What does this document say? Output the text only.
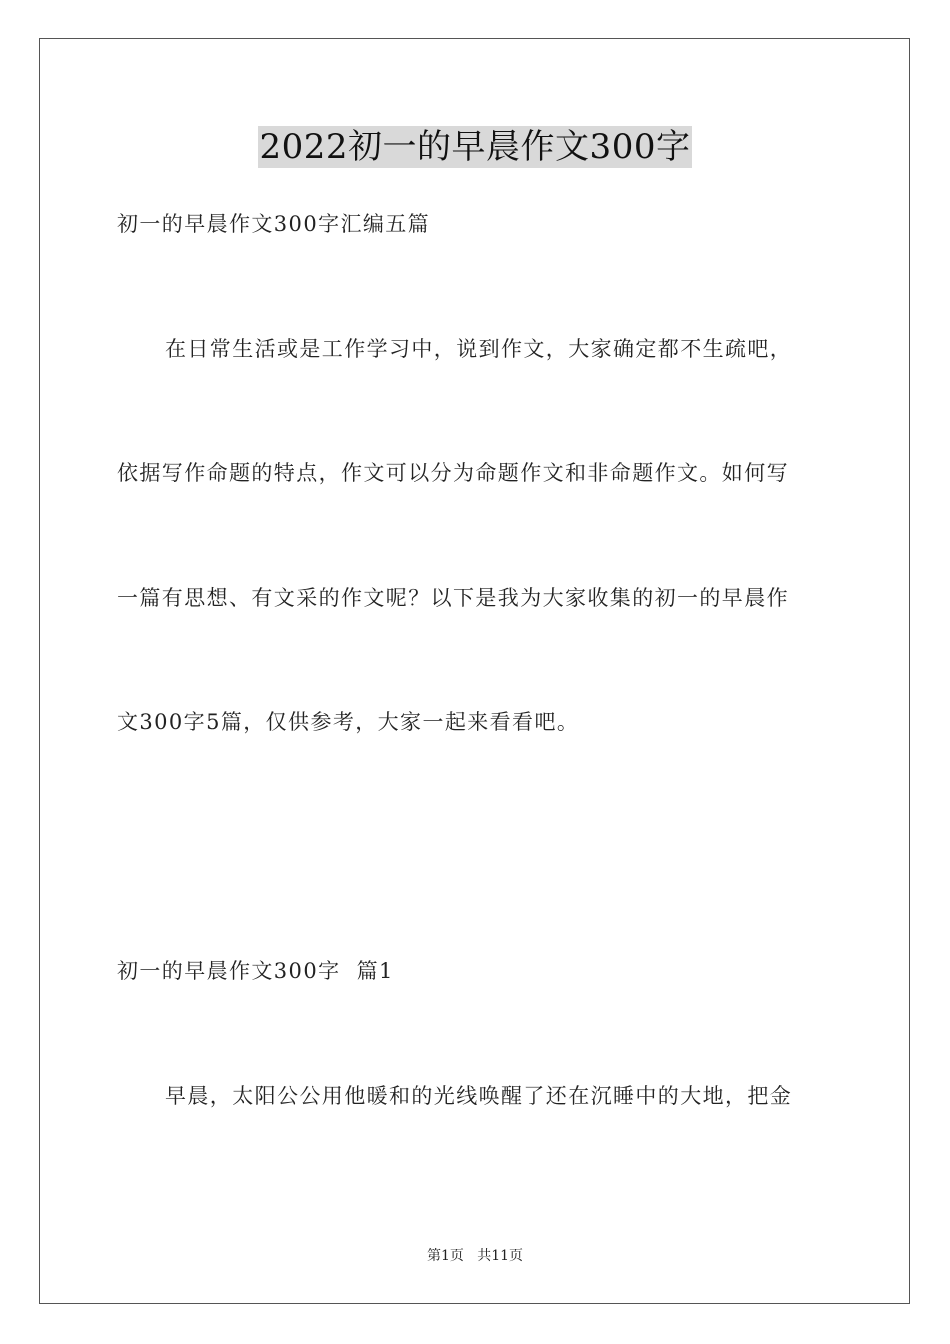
2022初一的早晨作文300字
初一的早晨作文300字汇编五篇
在日常生活或是工作学习中，说到作文，大家确定都不生疏吧，
依据写作命题的特点，作文可以分为命题作文和非命题作文。如何写
一篇有思想、有文采的作文呢？以下是我为大家收集的初一的早晨作
文300字5篇，仅供参考，大家一起来看看吧。
初一的早晨作文300字  篇1
早晨，太阳公公用他暖和的光线唤醒了还在沉睡中的大地，把金
第1页   共11页
